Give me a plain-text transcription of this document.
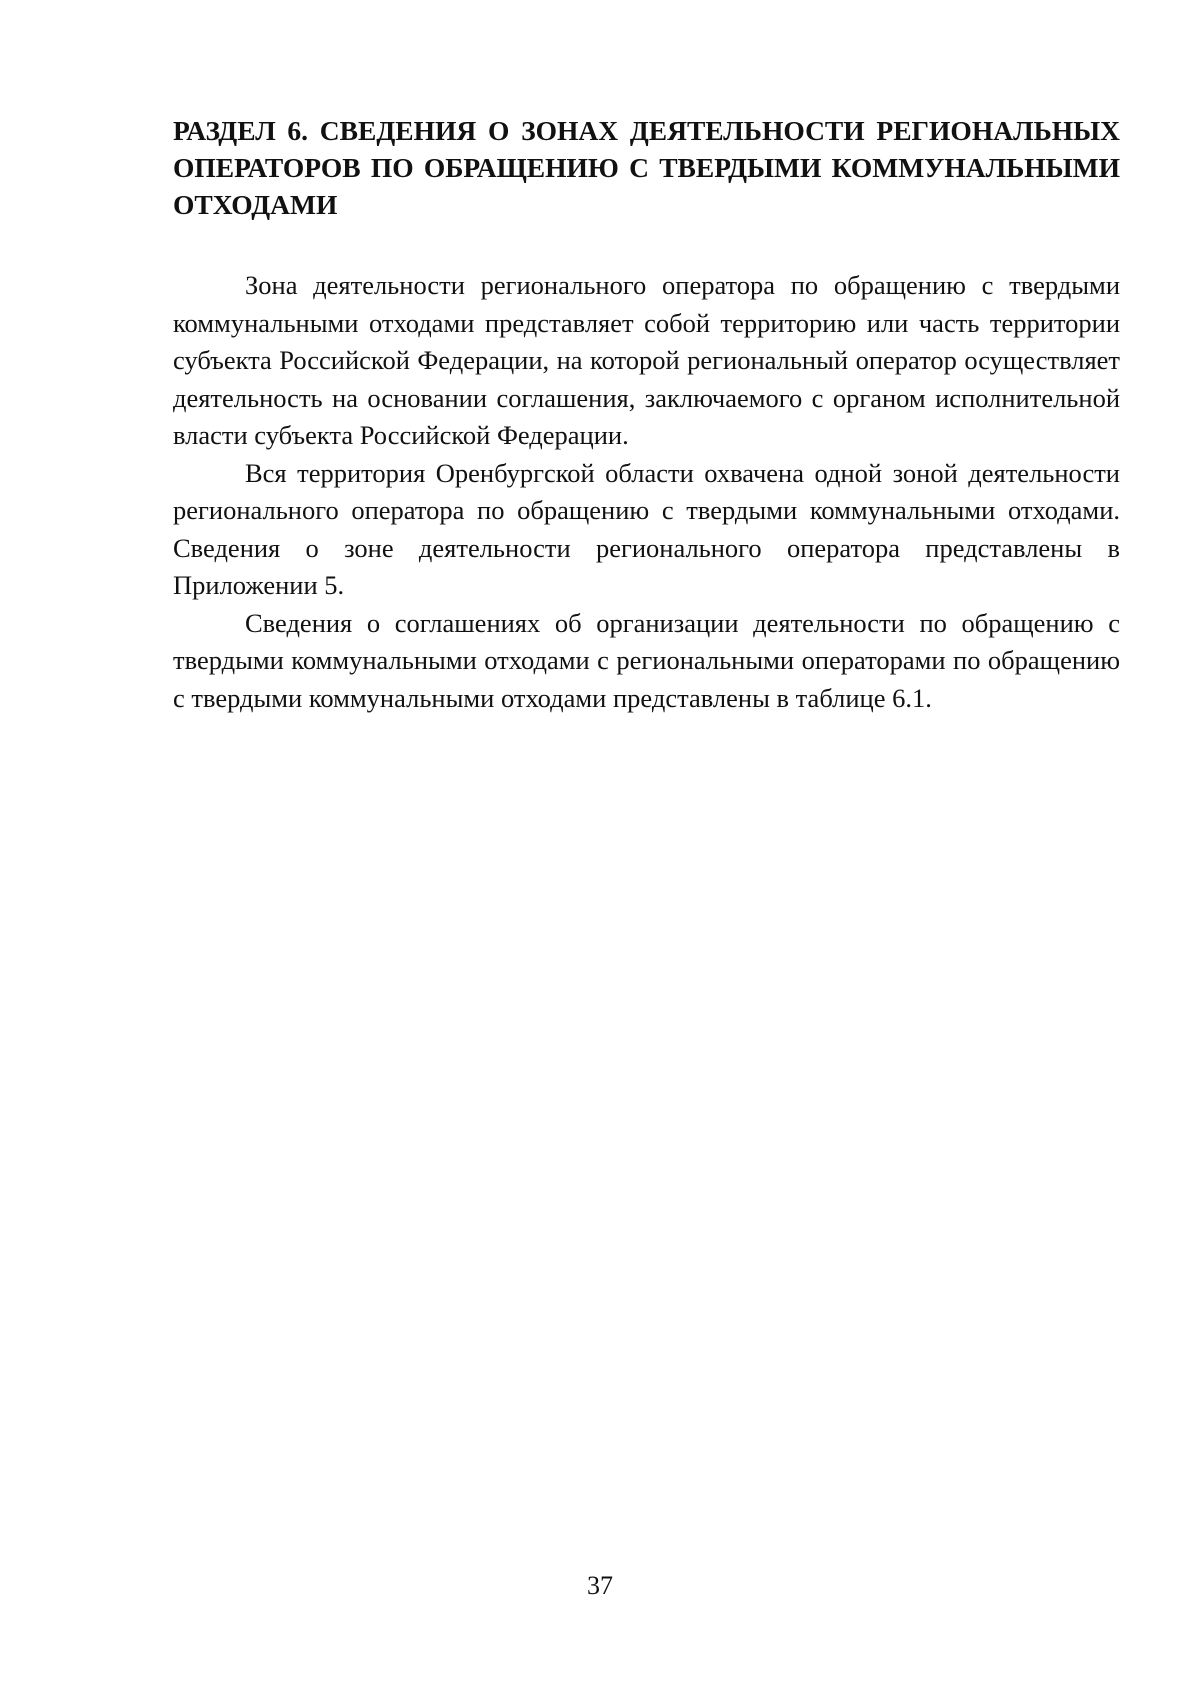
РАЗДЕЛ 6. СВЕДЕНИЯ О ЗОНАХ ДЕЯТЕЛЬНОСТИ РЕГИОНАЛЬНЫХ ОПЕРАТОРОВ ПО ОБРАЩЕНИЮ С ТВЕРДЫМИ КОММУНАЛЬНЫМИ ОТХОДАМИ

Зона деятельности регионального оператора по обращению с твердыми коммунальными отходами представляет собой территорию или часть территории субъекта Российской Федерации, на которой региональный оператор осуществляет деятельность на основании соглашения, заключаемого с органом исполнительной власти субъекта Российской Федерации.

Вся территория Оренбургской области охвачена одной зоной деятельности регионального оператора по обращению с твердыми коммунальными отходами. Сведения о зоне деятельности регионального оператора представлены в Приложении 5.

Сведения о соглашениях об организации деятельности по обращению с твердыми коммунальными отходами с региональными операторами по обращению с твердыми коммунальными отходами представлены в таблице 6.1.

37
